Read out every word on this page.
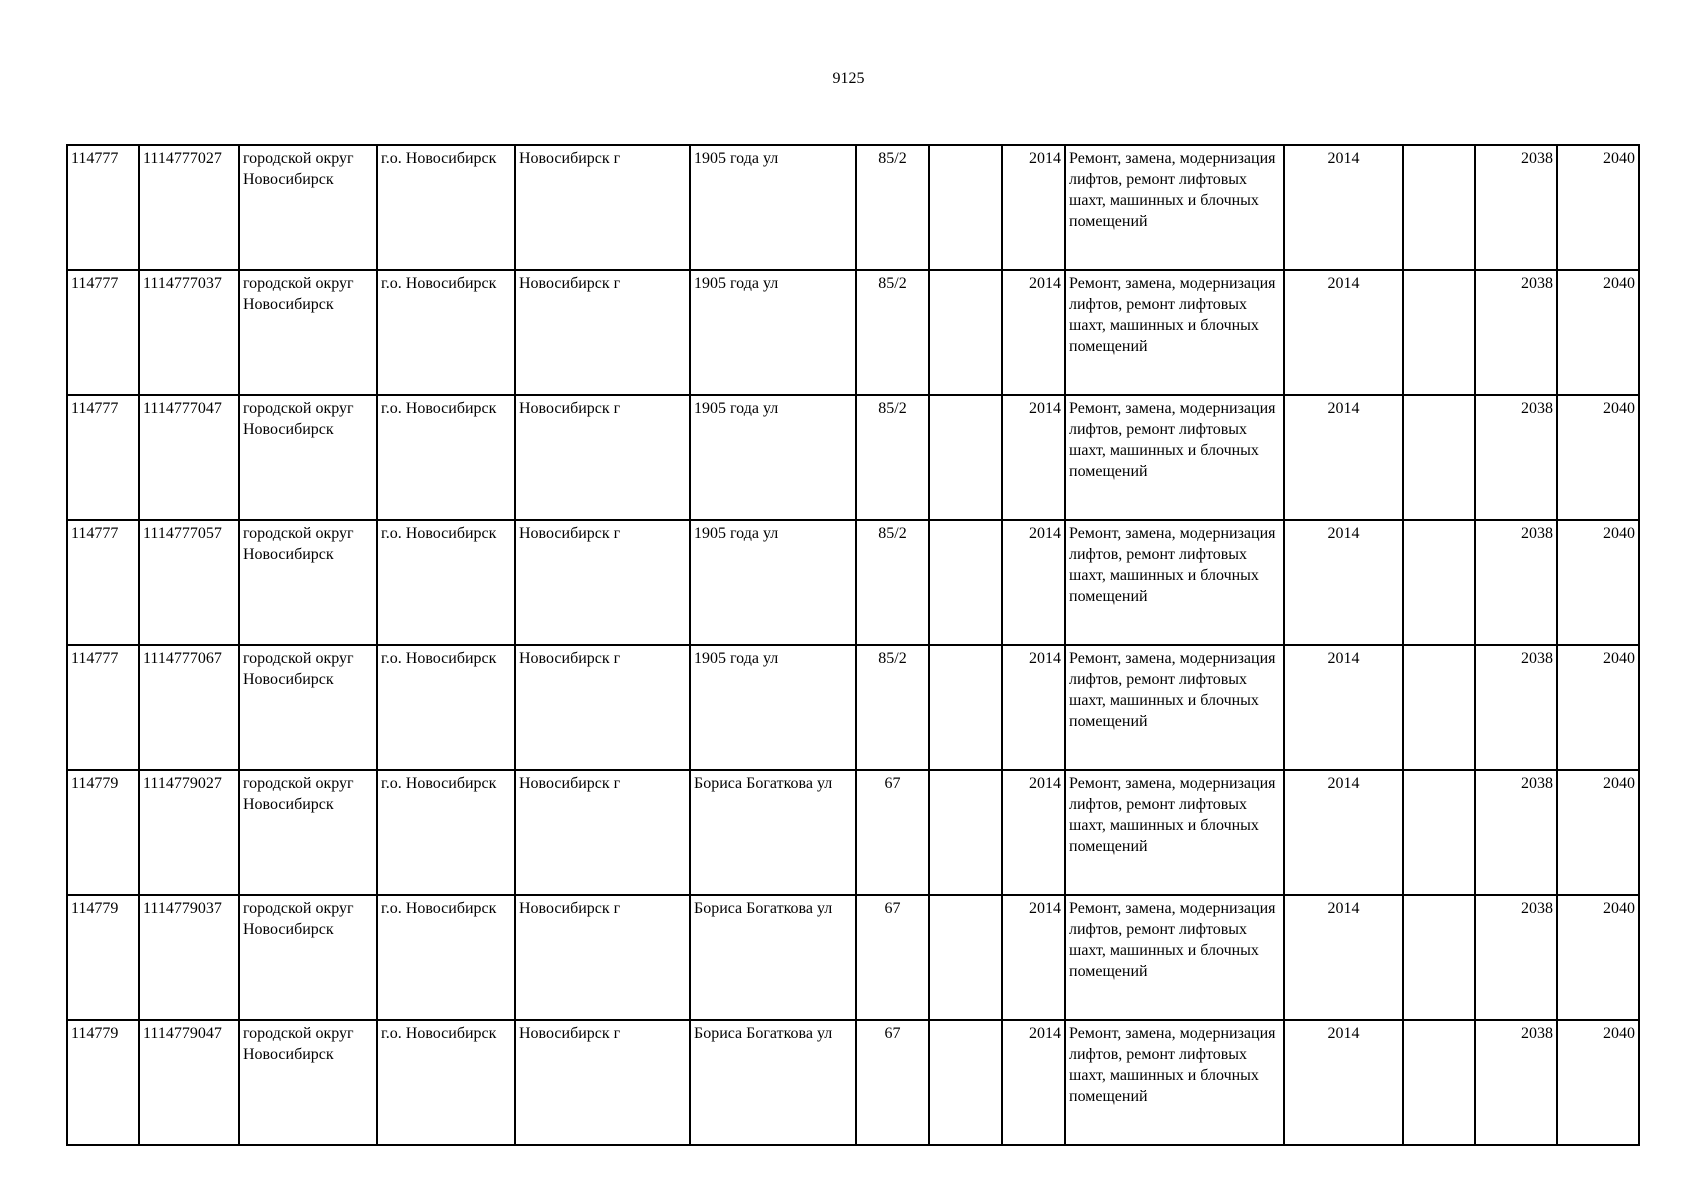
9125
114777	1114777027	городской округ Новосибирск	г.о. Новосибирск	Новосибирск г	1905 года ул	85/2		2014	Ремонт, замена, модернизация лифтов, ремонт лифтовых шахт, машинных и блочных помещений	2014		2038	2040
114777	1114777037	городской округ Новосибирск	г.о. Новосибирск	Новосибирск г	1905 года ул	85/2		2014	Ремонт, замена, модернизация лифтов, ремонт лифтовых шахт, машинных и блочных помещений	2014		2038	2040
114777	1114777047	городской округ Новосибирск	г.о. Новосибирск	Новосибирск г	1905 года ул	85/2		2014	Ремонт, замена, модернизация лифтов, ремонт лифтовых шахт, машинных и блочных помещений	2014		2038	2040
114777	1114777057	городской округ Новосибирск	г.о. Новосибирск	Новосибирск г	1905 года ул	85/2		2014	Ремонт, замена, модернизация лифтов, ремонт лифтовых шахт, машинных и блочных помещений	2014		2038	2040
114777	1114777067	городской округ Новосибирск	г.о. Новосибирск	Новосибирск г	1905 года ул	85/2		2014	Ремонт, замена, модернизация лифтов, ремонт лифтовых шахт, машинных и блочных помещений	2014		2038	2040
114779	1114779027	городской округ Новосибирск	г.о. Новосибирск	Новосибирск г	Бориса Богаткова ул	67		2014	Ремонт, замена, модернизация лифтов, ремонт лифтовых шахт, машинных и блочных помещений	2014		2038	2040
114779	1114779037	городской округ Новосибирск	г.о. Новосибирск	Новосибирск г	Бориса Богаткова ул	67		2014	Ремонт, замена, модернизация лифтов, ремонт лифтовых шахт, машинных и блочных помещений	2014		2038	2040
114779	1114779047	городской округ Новосибирск	г.о. Новосибирск	Новосибирск г	Бориса Богаткова ул	67		2014	Ремонт, замена, модернизация лифтов, ремонт лифтовых шахт, машинных и блочных помещений	2014		2038	2040
